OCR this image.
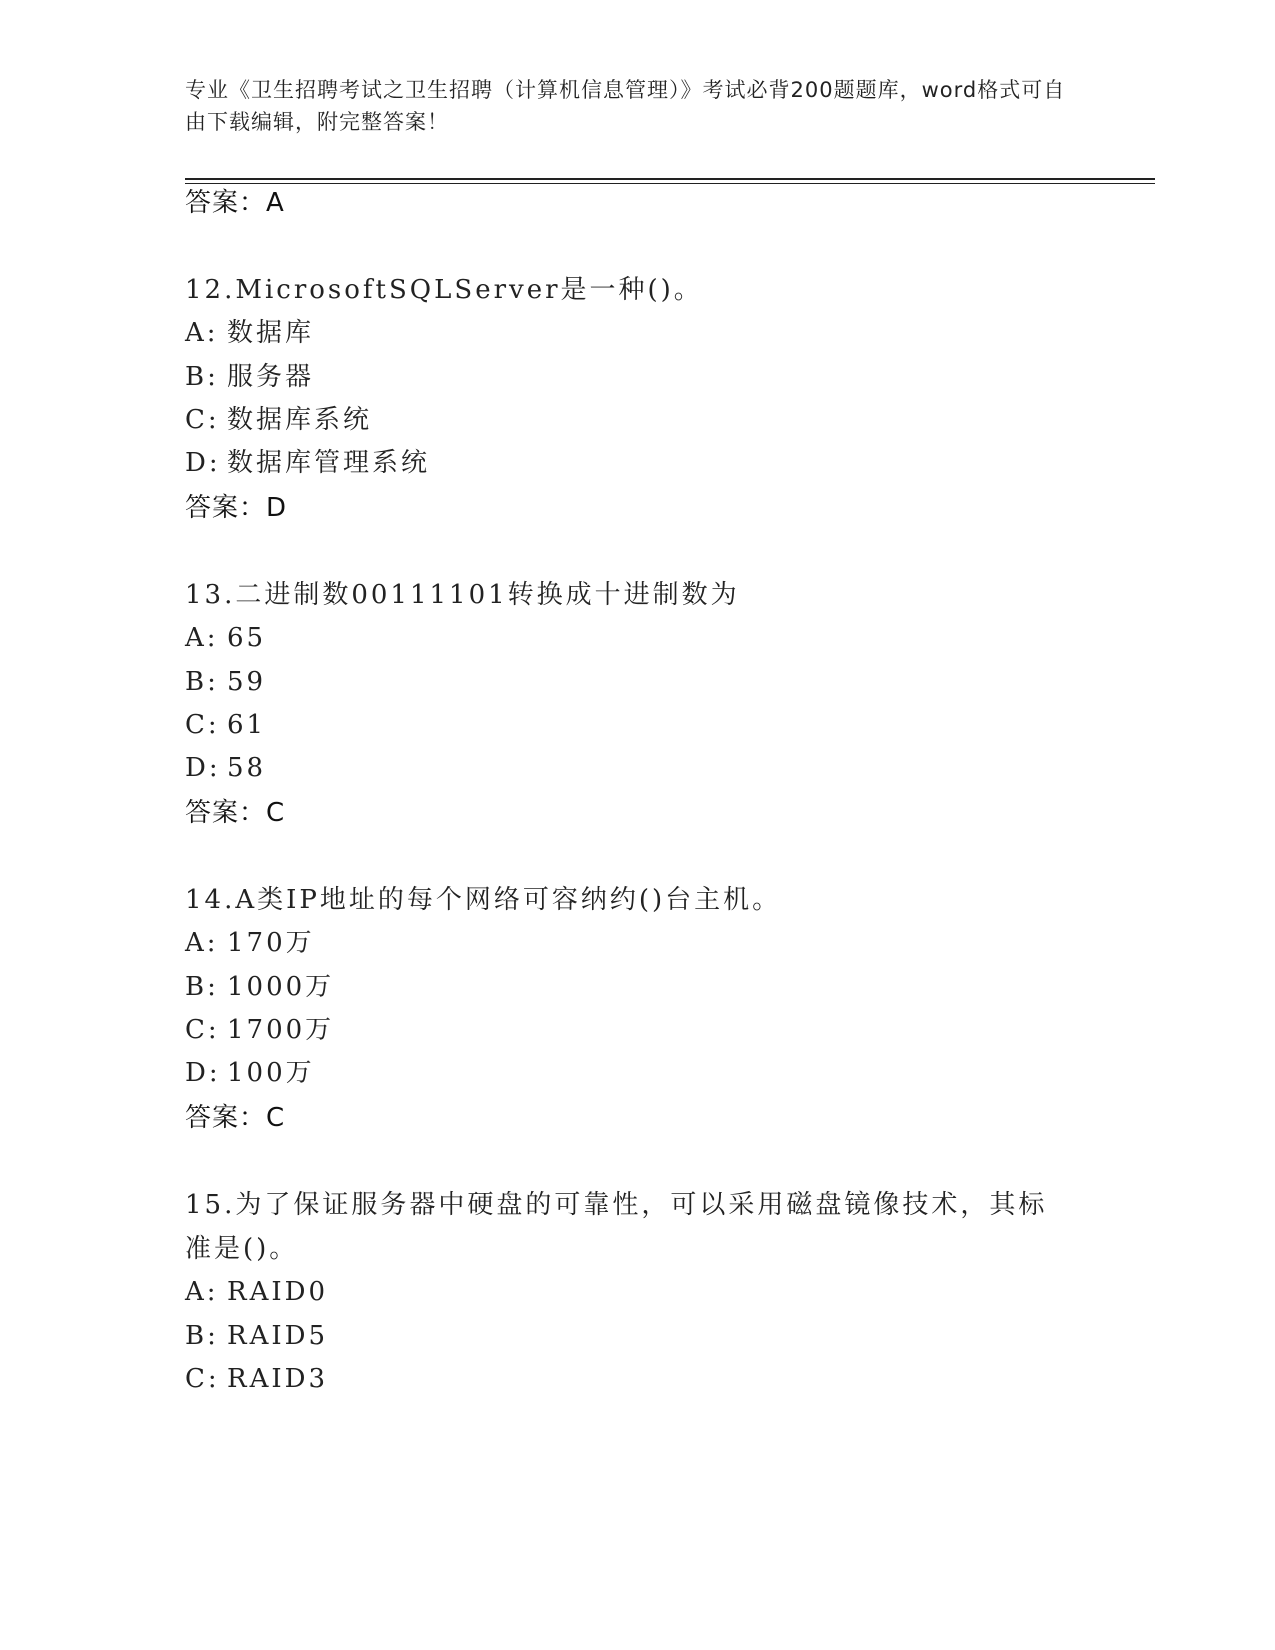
专业《卫生招聘考试之卫生招聘（计算机信息管理）》考试必背200题题库，word格式可自由下载编辑，附完整答案！
答案：A
12.MicrosoftSQLServer是一种()。
A: 数据库
B: 服务器
C: 数据库系统
D: 数据库管理系统
答案：D
13.二进制数00111101转换成十进制数为
A: 65
B: 59
C: 61
D: 58
答案：C
14.A类IP地址的每个网络可容纳约()台主机。
A: 170万
B: 1000万
C: 1700万
D: 100万
答案：C
15.为了保证服务器中硬盘的可靠性，可以采用磁盘镜像技术，其标准是()。
A: RAID0
B: RAID5
C: RAID3
